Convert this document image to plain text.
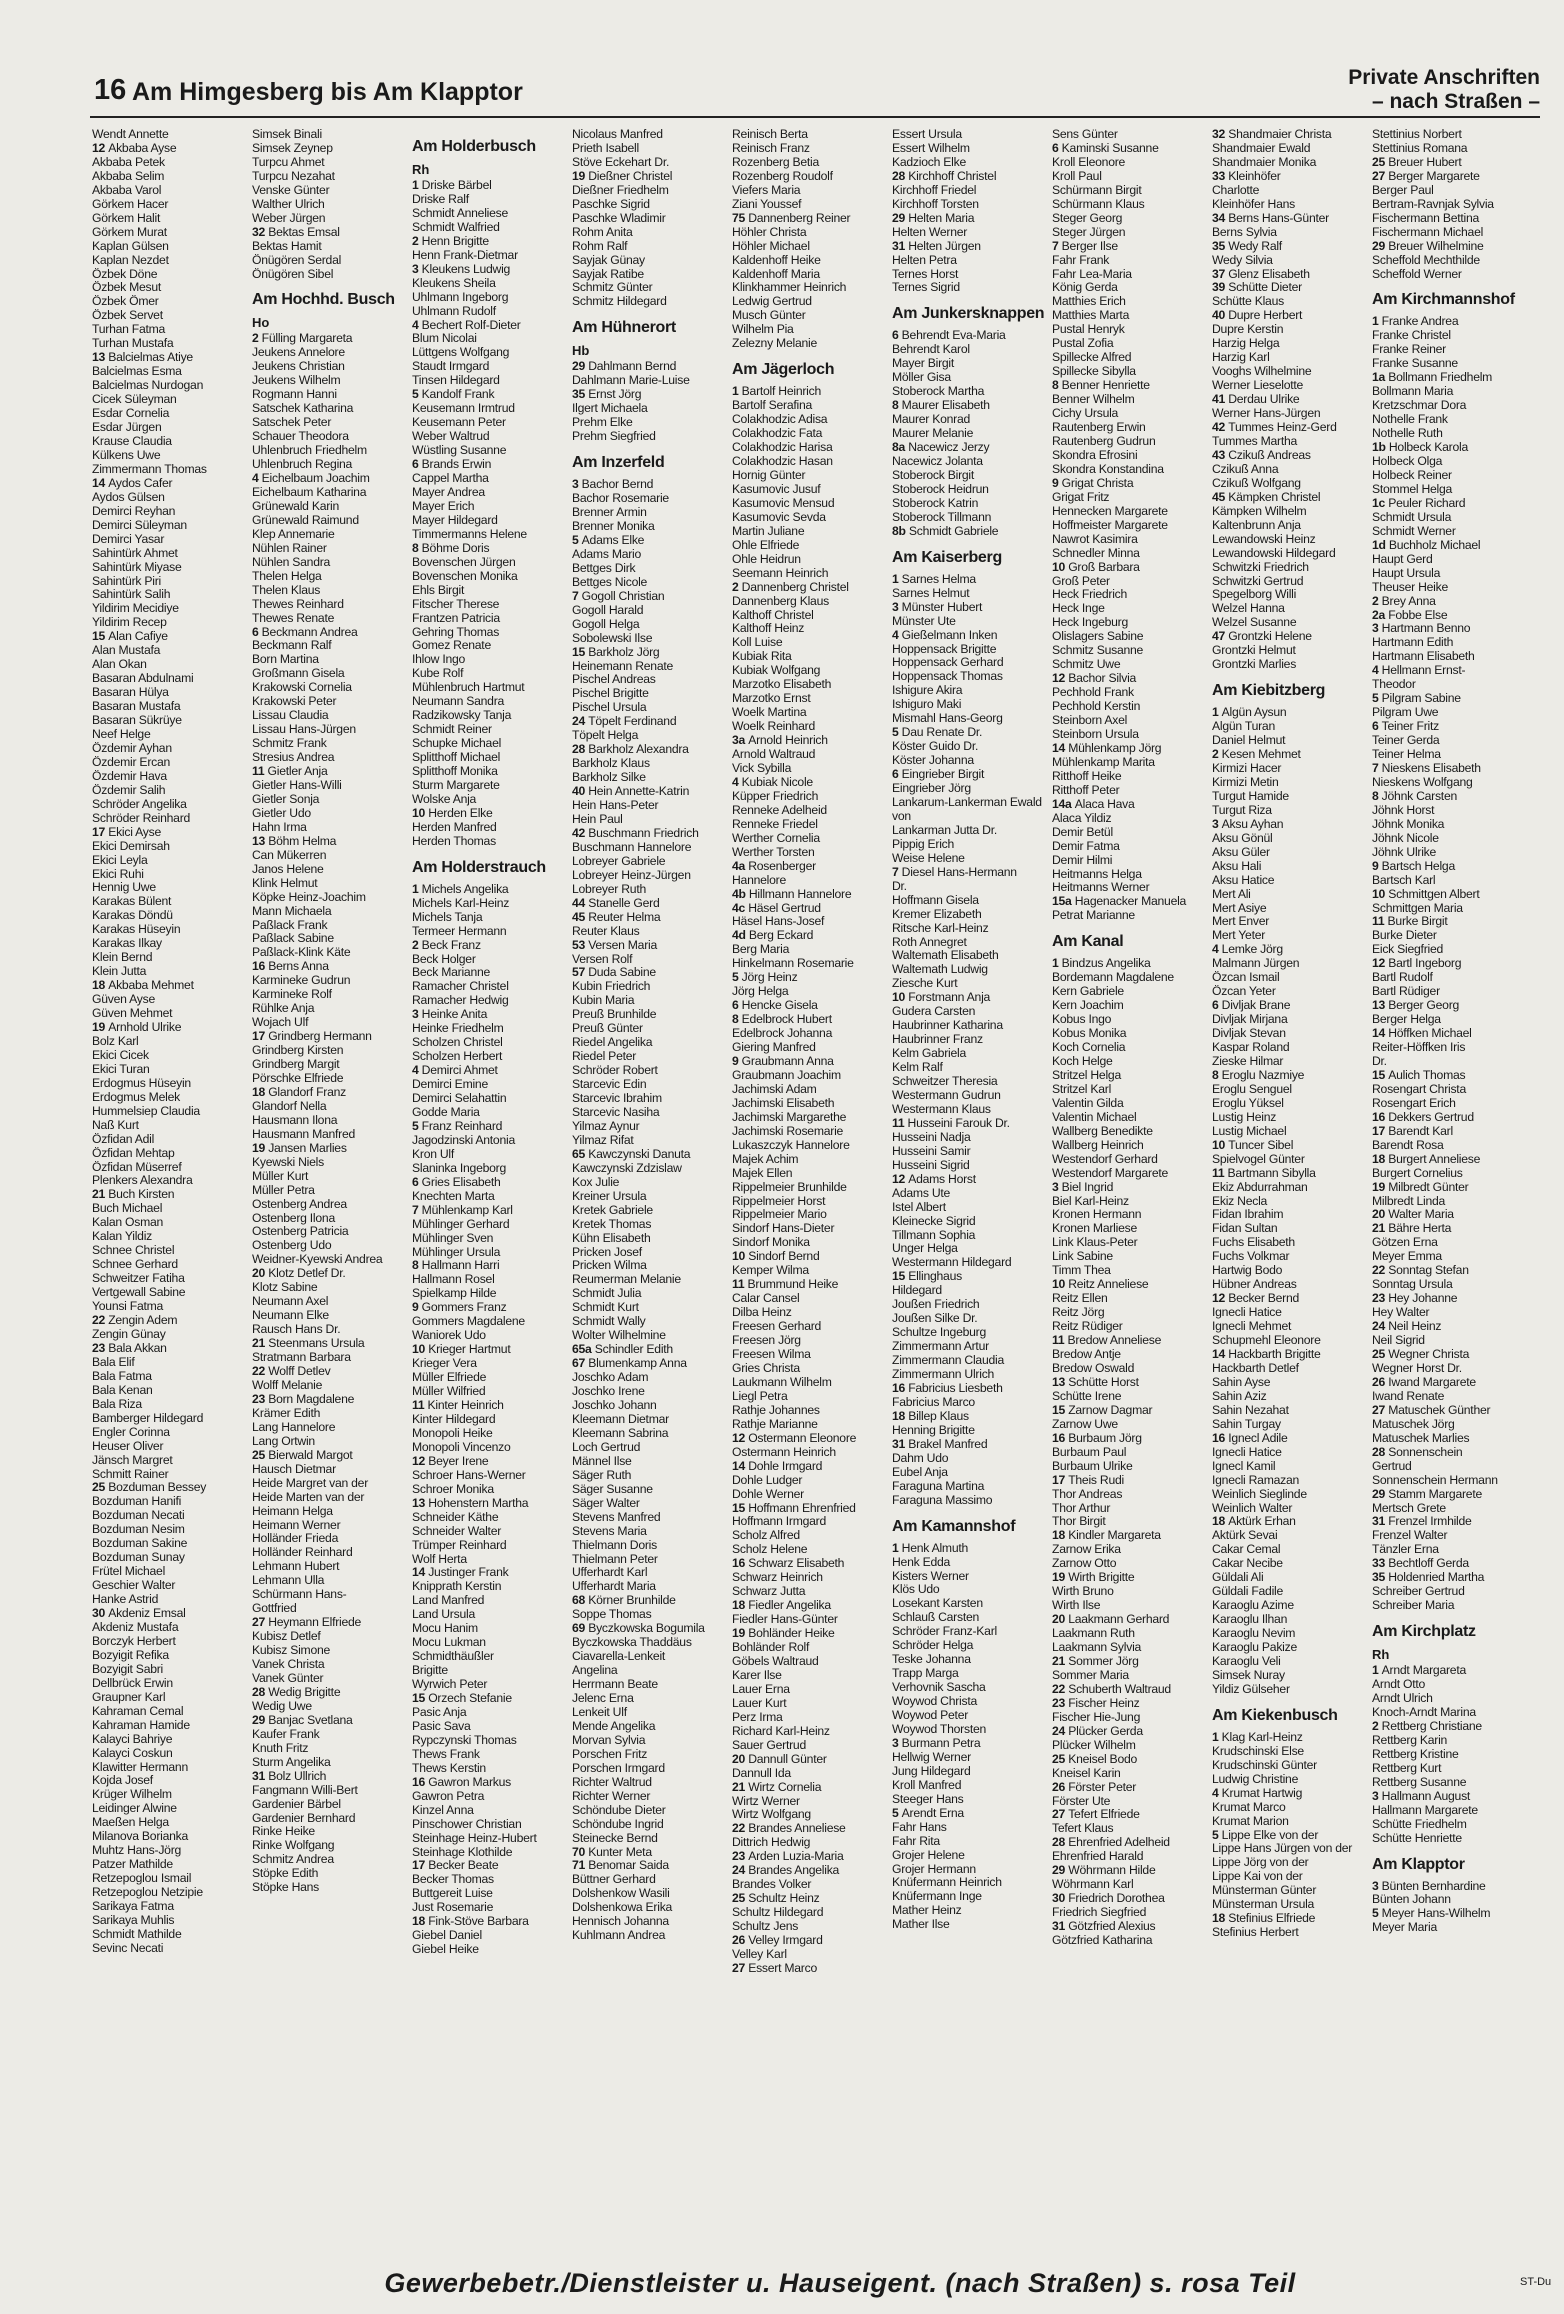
16 Am Himgesberg bis Am Klapptor
Private Anschriften
– nach Straßen –
Wendt Annette
12 Akbaba Ayse
Akbaba Petek
Akbaba Selim
Akbaba Varol
Görkem Hacer
Görkem Halit
Görkem Murat
Kaplan Gülsen
Kaplan Nezdet
Özbek Döne
Özbek Mesut
Özbek Ömer
Özbek Servet
Turhan Fatma
Turhan Mustafa
13 Balcielmas Atiye
Balcielmas Esma
Balcielmas Nurdogan
Cicek Süleyman
Esdar Cornelia
Esdar Jürgen
Krause Claudia
Külkens Uwe
Zimmermann Thomas
14 Aydos Cafer
Aydos Gülsen
Demirci Reyhan
Demirci Süleyman
Demirci Yasar
Sahintürk Ahmet
Sahintürk Miyase
Sahintürk Piri
Sahintürk Salih
Yildirim Mecidiye
Yildirim Recep
15 Alan Cafiye
Alan Mustafa
Alan Okan
Basaran Abdulnami
Basaran Hülya
Basaran Mustafa
Basaran Sükrüye
Neef Helge
Özdemir Ayhan
Özdemir Ercan
Özdemir Hava
Özdemir Salih
Schröder Angelika
Schröder Reinhard
17 Ekici Ayse
Ekici Demirsah
Ekici Leyla
Ekici Ruhi
Hennig Uwe
Karakas Bülent
Karakas Döndü
Karakas Hüseyin
Karakas Ilkay
Klein Bernd
Klein Jutta
18 Akbaba Mehmet
Güven Ayse
Güven Mehmet
19 Arnhold Ulrike
Bolz Karl
Ekici Cicek
Ekici Turan
Erdogmus Hüseyin
Erdogmus Melek
Hummelsiep Claudia
Naß Kurt
Özfidan Adil
Özfidan Mehtap
Özfidan Müserref
Plenkers Alexandra
21 Buch Kirsten
Buch Michael
Kalan Osman
Kalan Yildiz
Schnee Christel
Schnee Gerhard
Schweitzer Fatiha
Vertgewall Sabine
Younsi Fatma
22 Zengin Adem
Zengin Günay
23 Bala Akkan
Bala Elif
Bala Fatma
Bala Kenan
Bala Riza
Bamberger Hildegard
Engler Corinna
Heuser Oliver
Jänsch Margret
Schmitt Rainer
25 Bozduman Bessey
Bozduman Hanifi
Bozduman Necati
Bozduman Nesim
Bozduman Sakine
Bozduman Sunay
Frütel Michael
Geschier Walter
Hanke Astrid
30 Akdeniz Emsal
Akdeniz Mustafa
Borczyk Herbert
Bozyigit Refika
Bozyigit Sabri
Dellbrück Erwin
Graupner Karl
Kahraman Cemal
Kahraman Hamide
Kalayci Bahriye
Kalayci Coskun
Klawitter Hermann
Kojda Josef
Krüger Wilhelm
Leidinger Alwine
Maeßen Helga
Milanova Borianka
Muhtz Hans-Jörg
Patzer Mathilde
Retzepoglou Ismail
Retzepoglou Netzipie
Sarikaya Fatma
Sarikaya Muhlis
Schmidt Mathilde
Sevinc Necati
Simsek Binali
Simsek Zeynep
Turpcu Ahmet
Turpcu Nezahat
Venske Günter
Walther Ulrich
Weber Jürgen
32 Bektas Emsal
Bektas Hamit
Önügören Serdal
Önügören Sibel
Am Hochhd. Busch
Ho
2 Fülling Margareta
Jeukens Annelore
Jeukens Christian
Jeukens Wilhelm
Rogmann Hanni
Satschek Katharina
Satschek Peter
Schauer Theodora
Uhlenbruch Friedhelm
Uhlenbruch Regina
4 Eichelbaum Joachim
Eichelbaum Katharina
Grünewald Karin
Grünewald Raimund
Klep Annemarie
Nühlen Rainer
Nühlen Sandra
Thelen Helga
Thelen Klaus
Thewes Reinhard
Thewes Renate
6 Beckmann Andrea
Beckmann Ralf
Born Martina
Großmann Gisela
Krakowski Cornelia
Krakowski Peter
Lissau Claudia
Lissau Hans-Jürgen
Schmitz Frank
Stresius Andrea
11 Gietler Anja
Gietler Hans-Willi
Gietler Sonja
Gietler Udo
Hahn Irma
13 Böhm Helma
Can Mükerren
Janos Helene
Klink Helmut
Köpke Heinz-Joachim
Mann Michaela
Paßlack Frank
Paßlack Sabine
Paßlack-Klink Käte
16 Berns Anna
Karmineke Gudrun
Karmineke Rolf
Rühlke Anja
Wojach Ulf
17 Grindberg Hermann
Grindberg Kirsten
Grindberg Margit
Pörschke Elfriede
18 Glandorf Franz
Glandorf Nella
Hausmann Ilona
Hausmann Manfred
19 Jansen Marlies
Kyewski Niels
Müller Kurt
Müller Petra
Ostenberg Andrea
Ostenberg Ilona
Ostenberg Patricia
Ostenberg Udo
Weidner-Kyewski Andrea
20 Klotz Detlef Dr.
Klotz Sabine
Neumann Axel
Neumann Elke
Rausch Hans Dr.
21 Steenmans Ursula
Stratmann Barbara
22 Wolff Detlev
Wolff Melanie
23 Born Magdalene
Krämer Edith
Lang Hannelore
Lang Ortwin
25 Bierwald Margot
Hausch Dietmar
Heide Margret van der
Heide Marten van der
Heimann Helga
Heimann Werner
Holländer Frieda
Holländer Reinhard
Lehmann Hubert
Lehmann Ulla
Schürmann Hans-
Gottfried
27 Heymann Elfriede
Kubisz Detlef
Kubisz Simone
Vanek Christa
Vanek Günter
28 Wedig Brigitte
Wedig Uwe
29 Banjac Svetlana
Kaufer Frank
Knuth Fritz
Sturm Angelika
31 Bolz Ullrich
Fangmann Willi-Bert
Gardenier Bärbel
Gardenier Bernhard
Rinke Heike
Rinke Wolfgang
Schmitz Andrea
Stöpke Edith
Stöpke Hans
Am Holderbusch
Rh
1 Driske Bärbel
Driske Ralf
Schmidt Anneliese
Schmidt Walfried
2 Henn Brigitte
Henn Frank-Dietmar
3 Kleukens Ludwig
Kleukens Sheila
Uhlmann Ingeborg
Uhlmann Rudolf
4 Bechert Rolf-Dieter
Blum Nicolai
Lüttgens Wolfgang
Staudt Irmgard
Tinsen Hildegard
5 Kandolf Frank
Keusemann Irmtrud
Keusemann Peter
Weber Waltrud
Wüstling Susanne
6 Brands Erwin
Cappel Martha
Mayer Andrea
Mayer Erich
Mayer Hildegard
Timmermanns Helene
8 Böhme Doris
Bovenschen Jürgen
Bovenschen Monika
Ehls Birgit
Fitscher Therese
Frantzen Patricia
Gehring Thomas
Gomez Renate
Ihlow Ingo
Kube Rolf
Mühlenbruch Hartmut
Neumann Sandra
Radzikowsky Tanja
Schmidt Reiner
Schupke Michael
Splitthoff Michael
Splitthoff Monika
Sturm Margarete
Wolske Anja
10 Herden Elke
Herden Manfred
Herden Thomas
Am Holderstrauch
1 Michels Angelika
Michels Karl-Heinz
Michels Tanja
Termeer Hermann
2 Beck Franz
Beck Holger
Beck Marianne
Ramacher Christel
Ramacher Hedwig
3 Heinke Anita
Heinke Friedhelm
Scholzen Christel
Scholzen Herbert
4 Demirci Ahmet
Demirci Emine
Demirci Selahattin
Godde Maria
5 Franz Reinhard
Jagodzinski Antonia
Kron Ulf
Slaninka Ingeborg
6 Gries Elisabeth
Knechten Marta
7 Mühlenkamp Karl
Mühlinger Gerhard
Mühlinger Sven
Mühlinger Ursula
8 Hallmann Harri
Hallmann Rosel
Spielkamp Hilde
9 Gommers Franz
Gommers Magdalene
Waniorek Udo
10 Krieger Hartmut
Krieger Vera
Müller Elfriede
Müller Wilfried
11 Kinter Heinrich
Kinter Hildegard
Monopoli Heike
Monopoli Vincenzo
12 Beyer Irene
Schroer Hans-Werner
Schroer Monika
13 Hohenstern Martha
Schneider Käthe
Schneider Walter
Trümper Reinhard
Wolf Herta
14 Justinger Frank
Knipprath Kerstin
Land Manfred
Land Ursula
Mocu Hanim
Mocu Lukman
Schmidthäußler
Brigitte
Wyrwich Peter
15 Orzech Stefanie
Pasic Anja
Pasic Sava
Rypczynski Thomas
Thews Frank
Thews Kerstin
16 Gawron Markus
Gawron Petra
Kinzel Anna
Pinschower Christian
Steinhage Heinz-Hubert
Steinhage Klothilde
17 Becker Beate
Becker Thomas
Buttgereit Luise
Just Rosemarie
18 Fink-Stöve Barbara
Giebel Daniel
Giebel Heike
Nicolaus Manfred
Prieth Isabell
Stöve Eckehart Dr.
19 Dießner Christel
Dießner Friedhelm
Paschke Sigrid
Paschke Wladimir
Rohm Anita
Rohm Ralf
Sayjak Günay
Sayjak Ratibe
Schmitz Günter
Schmitz Hildegard
Am Hühnerort
Hb
29 Dahlmann Bernd
Dahlmann Marie-Luise
35 Ernst Jörg
Ilgert Michaela
Prehm Elke
Prehm Siegfried
Am Inzerfeld
3 Bachor Bernd
Bachor Rosemarie
Brenner Armin
Brenner Monika
5 Adams Elke
Adams Mario
Bettges Dirk
Bettges Nicole
7 Gogoll Christian
Gogoll Harald
Gogoll Helga
Sobolewski Ilse
15 Barkholz Jörg
Heinemann Renate
Pischel Andreas
Pischel Brigitte
Pischel Ursula
24 Töpelt Ferdinand
Töpelt Helga
28 Barkholz Alexandra
Barkholz Klaus
Barkholz Silke
40 Hein Annette-Katrin
Hein Hans-Peter
Hein Paul
42 Buschmann Friedrich
Buschmann Hannelore
Lobreyer Gabriele
Lobreyer Heinz-Jürgen
Lobreyer Ruth
44 Stanelle Gerd
45 Reuter Helma
Reuter Klaus
53 Versen Maria
Versen Rolf
57 Duda Sabine
Kubin Friedrich
Kubin Maria
Preuß Brunhilde
Preuß Günter
Riedel Angelika
Riedel Peter
Schröder Robert
Starcevic Edin
Starcevic Ibrahim
Starcevic Nasiha
Yilmaz Aynur
Yilmaz Rifat
65 Kawczynski Danuta
Kawczynski Zdzislaw
Kox Julie
Kreiner Ursula
Kretek Gabriele
Kretek Thomas
Kühn Elisabeth
Pricken Josef
Pricken Wilma
Reumerman Melanie
Schmidt Julia
Schmidt Kurt
Schmidt Wally
Wolter Wilhelmine
65a Schindler Edith
67 Blumenkamp Anna
Joschko Adam
Joschko Irene
Joschko Johann
Kleemann Dietmar
Kleemann Sabrina
Loch Gertrud
Männel Ilse
Säger Ruth
Säger Susanne
Säger Walter
Stevens Manfred
Stevens Maria
Thielmann Doris
Thielmann Peter
Ufferhardt Karl
Ufferhardt Maria
68 Körner Brunhilde
Soppe Thomas
69 Byczkowska Bogumila
Byczkowska Thaddäus
Ciavarella-Lenkeit
Angelina
Herrmann Beate
Jelenc Erna
Lenkeit Ulf
Mende Angelika
Morvan Sylvia
Porschen Fritz
Porschen Irmgard
Richter Waltrud
Richter Werner
Schöndube Dieter
Schöndube Ingrid
Steinecke Bernd
70 Kunter Meta
71 Benomar Saida
Büttner Gerhard
Dolshenkow Wasili
Dolshenkowa Erika
Hennisch Johanna
Kuhlmann Andrea
Reinisch Berta
Reinisch Franz
Rozenberg Betia
Rozenberg Roudolf
Viefers Maria
Ziani Youssef
75 Dannenberg Reiner
Höhler Christa
Höhler Michael
Kaldenhoff Heike
Kaldenhoff Maria
Klinkhammer Heinrich
Ledwig Gertrud
Musch Günter
Wilhelm Pia
Zelezny Melanie
Am Jägerloch
1 Bartolf Heinrich
Bartolf Serafina
Colakhodzic Adisa
Colakhodzic Fata
Colakhodzic Harisa
Colakhodzic Hasan
Hornig Günter
Kasumovic Jusuf
Kasumovic Mensud
Kasumovic Sevda
Martin Juliane
Ohle Elfriede
Ohle Heidrun
Seemann Heinrich
2 Dannenberg Christel
Dannenberg Klaus
Kalthoff Christel
Kalthoff Heinz
Koll Luise
Kubiak Rita
Kubiak Wolfgang
Marzotko Elisabeth
Marzotko Ernst
Woelk Martina
Woelk Reinhard
3a Arnold Heinrich
Arnold Waltraud
Vick Sybilla
4 Kubiak Nicole
Küpper Friedrich
Renneke Adelheid
Renneke Friedel
Werther Cornelia
Werther Torsten
4a Rosenberger
Hannelore
4b Hillmann Hannelore
4c Häsel Gertrud
Häsel Hans-Josef
4d Berg Eckard
Berg Maria
Hinkelmann Rosemarie
5 Jörg Heinz
Jörg Helga
6 Hencke Gisela
8 Edelbrock Hubert
Edelbrock Johanna
Giering Manfred
9 Graubmann Anna
Graubmann Joachim
Jachimski Adam
Jachimski Elisabeth
Jachimski Margarethe
Jachimski Rosemarie
Lukaszczyk Hannelore
Majek Achim
Majek Ellen
Rippelmeier Brunhilde
Rippelmeier Horst
Rippelmeier Mario
Sindorf Hans-Dieter
Sindorf Monika
10 Sindorf Bernd
Kemper Wilma
11 Brummund Heike
Calar Cansel
Dilba Heinz
Freesen Gerhard
Freesen Jörg
Freesen Wilma
Gries Christa
Laukmann Wilhelm
Liegl Petra
Rathje Johannes
Rathje Marianne
12 Ostermann Eleonore
Ostermann Heinrich
14 Dohle Irmgard
Dohle Ludger
Dohle Werner
15 Hoffmann Ehrenfried
Hoffmann Irmgard
Scholz Alfred
Scholz Helene
16 Schwarz Elisabeth
Schwarz Heinrich
Schwarz Jutta
18 Fiedler Angelika
Fiedler Hans-Günter
19 Bohländer Heike
Bohländer Rolf
Göbels Waltraud
Karer Ilse
Lauer Erna
Lauer Kurt
Perz Irma
Richard Karl-Heinz
Sauer Gertrud
20 Dannull Günter
Dannull Ida
21 Wirtz Cornelia
Wirtz Werner
Wirtz Wolfgang
22 Brandes Anneliese
Dittrich Hedwig
23 Arden Luzia-Maria
24 Brandes Angelika
Brandes Volker
25 Schultz Heinz
Schultz Hildegard
Schultz Jens
26 Velley Irmgard
Velley Karl
27 Essert Marco
Essert Ursula
Essert Wilhelm
Kadzioch Elke
28 Kirchhoff Christel
Kirchhoff Friedel
Kirchhoff Torsten
29 Helten Maria
Helten Werner
31 Helten Jürgen
Helten Petra
Ternes Horst
Ternes Sigrid
Am Junkersknappen
6 Behrendt Eva-Maria
Behrendt Karol
Mayer Birgit
Möller Gisa
Stoberock Martha
8 Maurer Elisabeth
Maurer Konrad
Maurer Melanie
8a Nacewicz Jerzy
Nacewicz Jolanta
Stoberock Birgit
Stoberock Heidrun
Stoberock Katrin
Stoberock Tillmann
8b Schmidt Gabriele
Am Kaiserberg
1 Sarnes Helma
Sarnes Helmut
3 Münster Hubert
Münster Ute
4 Gießelmann Inken
Hoppensack Brigitte
Hoppensack Gerhard
Hoppensack Thomas
Ishigure Akira
Ishiguro Maki
Mismahl Hans-Georg
5 Dau Renate Dr.
Köster Guido Dr.
Köster Johanna
6 Eingrieber Birgit
Eingrieber Jörg
Lankarum-Lankerman Ewald
von
Lankarman Jutta Dr.
Pippig Erich
Weise Helene
7 Diesel Hans-Hermann
Dr.
Hoffmann Gisela
Kremer Elizabeth
Ritsche Karl-Heinz
Roth Annegret
Waltemath Elisabeth
Waltemath Ludwig
Ziesche Kurt
10 Forstmann Anja
Gudera Carsten
Haubrinner Katharina
Haubrinner Franz
Kelm Gabriela
Kelm Ralf
Schweitzer Theresia
Westermann Gudrun
Westermann Klaus
11 Husseini Farouk Dr.
Husseini Nadja
Husseini Samir
Husseini Sigrid
12 Adams Horst
Adams Ute
Istel Albert
Kleinecke Sigrid
Tillmann Sophia
Unger Helga
Westermann Hildegard
15 Ellinghaus
Hildegard
Joußen Friedrich
Joußen Silke Dr.
Schultze Ingeburg
Zimmermann Artur
Zimmermann Claudia
Zimmermann Ulrich
16 Fabricius Liesbeth
Fabricius Marco
18 Billep Klaus
Henning Brigitte
31 Brakel Manfred
Dahm Udo
Eubel Anja
Faraguna Martina
Faraguna Massimo
Am Kamannshof
1 Henk Almuth
Henk Edda
Kisters Werner
Klös Udo
Losekant Karsten
Schlauß Carsten
Schröder Franz-Karl
Schröder Helga
Teske Johanna
Trapp Marga
Verhovnik Sascha
Woywod Christa
Woywod Peter
Woywod Thorsten
3 Burmann Petra
Hellwig Werner
Jung Hildegard
Kroll Manfred
Steeger Hans
5 Arendt Erna
Fahr Hans
Fahr Rita
Grojer Helene
Grojer Hermann
Knüfermann Heinrich
Knüfermann Inge
Mather Heinz
Mather Ilse
Sens Günter
6 Kaminski Susanne
Kroll Eleonore
Kroll Paul
Schürmann Birgit
Schürmann Klaus
Steger Georg
Steger Jürgen
7 Berger Ilse
Fahr Frank
Fahr Lea-Maria
König Gerda
Matthies Erich
Matthies Marta
Pustal Henryk
Pustal Zofia
Spillecke Alfred
Spillecke Sibylla
8 Benner Henriette
Benner Wilhelm
Cichy Ursula
Rautenberg Erwin
Rautenberg Gudrun
Skondra Efrosini
Skondra Konstandina
9 Grigat Christa
Grigat Fritz
Hennecken Margarete
Hoffmeister Margarete
Nawrot Kasimira
Schnedler Minna
10 Groß Barbara
Groß Peter
Heck Friedrich
Heck Inge
Heck Ingeburg
Olislagers Sabine
Schmitz Susanne
Schmitz Uwe
12 Bachor Silvia
Pechhold Frank
Pechhold Kerstin
Steinborn Axel
Steinborn Ursula
14 Mühlenkamp Jörg
Mühlenkamp Marita
Ritthoff Heike
Ritthoff Peter
14a Alaca Hava
Alaca Yildiz
Demir Betül
Demir Fatma
Demir Hilmi
Heitmanns Helga
Heitmanns Werner
15a Hagenacker Manuela
Petrat Marianne
Am Kanal
1 Bindzus Angelika
Bordemann Magdalene
Kern Gabriele
Kern Joachim
Kobus Ingo
Kobus Monika
Koch Cornelia
Koch Helge
Stritzel Helga
Stritzel Karl
Valentin Gilda
Valentin Michael
Wallberg Benedikte
Wallberg Heinrich
Westendorf Gerhard
Westendorf Margarete
3 Biel Ingrid
Biel Karl-Heinz
Kronen Hermann
Kronen Marliese
Link Klaus-Peter
Link Sabine
Timm Thea
10 Reitz Anneliese
Reitz Ellen
Reitz Jörg
Reitz Rüdiger
11 Bredow Anneliese
Bredow Antje
Bredow Oswald
13 Schütte Horst
Schütte Irene
15 Zarnow Dagmar
Zarnow Uwe
16 Burbaum Jörg
Burbaum Paul
Burbaum Ulrike
17 Theis Rudi
Thor Andreas
Thor Arthur
Thor Birgit
18 Kindler Margareta
Zarnow Erika
Zarnow Otto
19 Wirth Brigitte
Wirth Bruno
Wirth Ilse
20 Laakmann Gerhard
Laakmann Ruth
Laakmann Sylvia
21 Sommer Jörg
Sommer Maria
22 Schuberth Waltraud
23 Fischer Heinz
Fischer Hie-Jung
24 Plücker Gerda
Plücker Wilhelm
25 Kneisel Bodo
Kneisel Karin
26 Förster Peter
Förster Ute
27 Tefert Elfriede
Tefert Klaus
28 Ehrenfried Adelheid
Ehrenfried Harald
29 Wöhrmann Hilde
Wöhrmann Karl
30 Friedrich Dorothea
Friedrich Siegfried
31 Götzfried Alexius
Götzfried Katharina
32 Shandmaier Christa
Shandmaier Ewald
Shandmaier Monika
33 Kleinhöfer
Charlotte
Kleinhöfer Hans
34 Berns Hans-Günter
Berns Sylvia
35 Wedy Ralf
Wedy Silvia
37 Glenz Elisabeth
39 Schütte Dieter
Schütte Klaus
40 Dupre Herbert
Dupre Kerstin
Harzig Helga
Harzig Karl
Vooghs Wilhelmine
Werner Lieselotte
41 Derdau Ulrike
Werner Hans-Jürgen
42 Tummes Heinz-Gerd
Tummes Martha
43 Czikuß Andreas
Czikuß Anna
Czikuß Wolfgang
45 Kämpken Christel
Kämpken Wilhelm
Kaltenbrunn Anja
Lewandowski Heinz
Lewandowski Hildegard
Schwitzki Friedrich
Schwitzki Gertrud
Spegelborg Willi
Welzel Hanna
Welzel Susanne
47 Grontzki Helene
Grontzki Helmut
Grontzki Marlies
Am Kiebitzberg
1 Algün Aysun
Algün Turan
Daniel Helmut
2 Kesen Mehmet
Kirmizi Hacer
Kirmizi Metin
Turgut Hamide
Turgut Riza
3 Aksu Ayhan
Aksu Gönül
Aksu Güler
Aksu Hali
Aksu Hatice
Mert Ali
Mert Asiye
Mert Enver
Mert Yeter
4 Lemke Jörg
Malmann Jürgen
Özcan Ismail
Özcan Yeter
6 Divljak Brane
Divljak Mirjana
Divljak Stevan
Kaspar Roland
Zieske Hilmar
8 Eroglu Nazmiye
Eroglu Senguel
Eroglu Yüksel
Lustig Heinz
Lustig Michael
10 Tuncer Sibel
Spielvogel Günter
11 Bartmann Sibylla
Ekiz Abdurrahman
Ekiz Necla
Fidan Ibrahim
Fidan Sultan
Fuchs Elisabeth
Fuchs Volkmar
Hartwig Bodo
Hübner Andreas
12 Becker Bernd
Ignecli Hatice
Ignecli Mehmet
Schupmehl Eleonore
14 Hackbarth Brigitte
Hackbarth Detlef
Sahin Ayse
Sahin Aziz
Sahin Nezahat
Sahin Turgay
16 Ignecl Adile
Ignecli Hatice
Ignecl Kamil
Ignecli Ramazan
Weinlich Sieglinde
Weinlich Walter
18 Aktürk Erhan
Aktürk Sevai
Cakar Cemal
Cakar Necibe
Güldali Ali
Güldali Fadile
Karaoglu Azime
Karaoglu Ilhan
Karaoglu Nevim
Karaoglu Pakize
Karaoglu Veli
Simsek Nuray
Yildiz Gülseher
Am Kiekenbusch
1 Klag Karl-Heinz
Krudschinski Else
Krudschinski Günter
Ludwig Christine
4 Krumat Hartwig
Krumat Marco
Krumat Marion
5 Lippe Elke von der
Lippe Hans Jürgen von der
Lippe Jörg von der
Lippe Kai von der
Münsterman Günter
Münsterman Ursula
18 Stefinius Elfriede
Stefinius Herbert
Stettinius Norbert
Stettinius Romana
25 Breuer Hubert
27 Berger Margarete
Berger Paul
Bertram-Ravnjak Sylvia
Fischermann Bettina
Fischermann Michael
29 Breuer Wilhelmine
Scheffold Mechthilde
Scheffold Werner
Am Kirchmannshof
1 Franke Andrea
Franke Christel
Franke Reiner
Franke Susanne
1a Bollmann Friedhelm
Bollmann Maria
Kretzschmar Dora
Nothelle Frank
Nothelle Ruth
1b Holbeck Karola
Holbeck Olga
Holbeck Reiner
Stommel Helga
1c Peuler Richard
Schmidt Ursula
Schmidt Werner
1d Buchholz Michael
Haupt Gerd
Haupt Ursula
Theuser Heike
2 Brey Anna
2a Fobbe Else
3 Hartmann Benno
Hartmann Edith
Hartmann Elisabeth
4 Hellmann Ernst-
Theodor
5 Pilgram Sabine
Pilgram Uwe
6 Teiner Fritz
Teiner Gerda
Teiner Helma
7 Nieskens Elisabeth
Nieskens Wolfgang
8 Jöhnk Carsten
Jöhnk Horst
Jöhnk Monika
Jöhnk Nicole
Jöhnk Ulrike
9 Bartsch Helga
Bartsch Karl
10 Schmittgen Albert
Schmittgen Maria
11 Burke Birgit
Burke Dieter
Eick Siegfried
12 Bartl Ingeborg
Bartl Rudolf
Bartl Rüdiger
13 Berger Georg
Berger Helga
14 Höffken Michael
Reiter-Höffken Iris
Dr.
15 Aulich Thomas
Rosengart Christa
Rosengart Erich
16 Dekkers Gertrud
17 Barendt Karl
Barendt Rosa
18 Burgert Anneliese
Burgert Cornelius
19 Milbredt Günter
Milbredt Linda
20 Walter Maria
21 Bähre Herta
Götzen Erna
Meyer Emma
22 Sonntag Stefan
Sonntag Ursula
23 Hey Johanne
Hey Walter
24 Neil Heinz
Neil Sigrid
25 Wegner Christa
Wegner Horst Dr.
26 Iwand Margarete
Iwand Renate
27 Matuschek Günther
Matuschek Jörg
Matuschek Marlies
28 Sonnenschein
Gertrud
Sonnenschein Hermann
29 Stamm Margarete
Mertsch Grete
31 Frenzel Irmhilde
Frenzel Walter
Tänzler Erna
33 Bechtloff Gerda
35 Holdenried Martha
Schreiber Gertrud
Schreiber Maria
Am Kirchplatz
Rh
1 Arndt Margareta
Arndt Otto
Arndt Ulrich
Knoch-Arndt Marina
2 Rettberg Christiane
Rettberg Karin
Rettberg Kristine
Rettberg Kurt
Rettberg Susanne
3 Hallmann August
Hallmann Margarete
Schütte Friedhelm
Schütte Henriette
Am Klapptor
3 Bünten Bernhardine
Bünten Johann
5 Meyer Hans-Wilhelm
Meyer Maria
Gewerbebetr./Dienstleister u. Hauseigent. (nach Straßen) s. rosa Teil	ST-Du
